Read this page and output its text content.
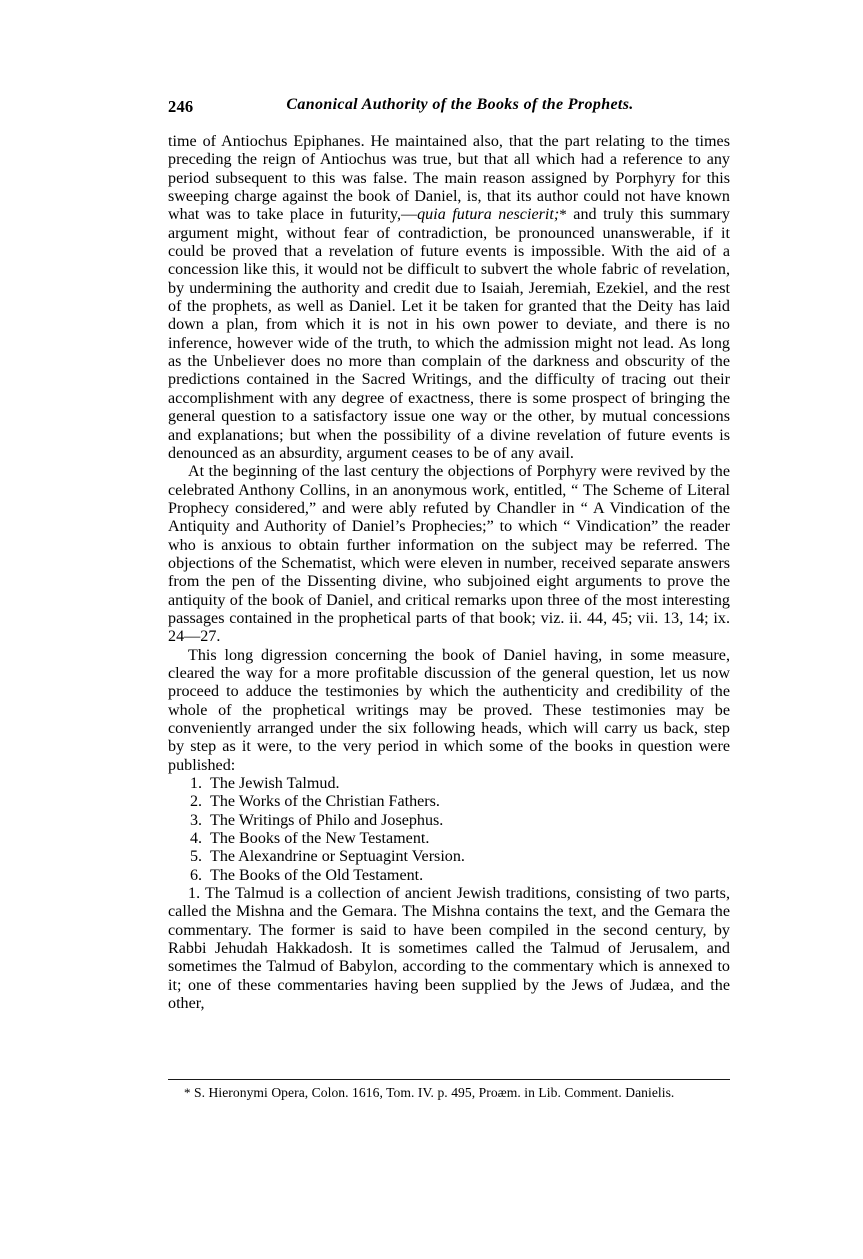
246	Canonical Authority of the Books of the Prophets.

time of Antiochus Epiphanes. He maintained also, that the part relating to the times preceding the reign of Antiochus was true, but that all which had a reference to any period subsequent to this was false. The main reason assigned by Porphyry for this sweeping charge against the book of Daniel, is, that its author could not have known what was to take place in futurity,—quia futura nescierit;* and truly this summary argument might, without fear of contradiction, be pronounced unanswerable, if it could be proved that a revelation of future events is impossible. With the aid of a concession like this, it would not be difficult to subvert the whole fabric of revelation, by undermining the authority and credit due to Isaiah, Jeremiah, Ezekiel, and the rest of the prophets, as well as Daniel. Let it be taken for granted that the Deity has laid down a plan, from which it is not in his own power to deviate, and there is no inference, however wide of the truth, to which the admission might not lead. As long as the Unbeliever does no more than complain of the darkness and obscurity of the predictions contained in the Sacred Writings, and the difficulty of tracing out their accomplishment with any degree of exactness, there is some prospect of bringing the general question to a satisfactory issue one way or the other, by mutual concessions and explanations; but when the possibility of a divine revelation of future events is denounced as an absurdity, argument ceases to be of any avail.

At the beginning of the last century the objections of Porphyry were revived by the celebrated Anthony Collins, in an anonymous work, entitled, “ The Scheme of Literal Prophecy considered,” and were ably refuted by Chandler in “ A Vindication of the Antiquity and Authority of Daniel’s Prophecies;” to which “ Vindication” the reader who is anxious to obtain further information on the subject may be referred. The objections of the Schematist, which were eleven in number, received separate answers from the pen of the Dissenting divine, who subjoined eight arguments to prove the antiquity of the book of Daniel, and critical remarks upon three of the most interesting passages contained in the prophetical parts of that book; viz. ii. 44, 45; vii. 13, 14; ix. 24—27.

This long digression concerning the book of Daniel having, in some measure, cleared the way for a more profitable discussion of the general question, let us now proceed to adduce the testimonies by which the authenticity and credibility of the whole of the prophetical writings may be proved. These testimonies may be conveniently arranged under the six following heads, which will carry us back, step by step as it were, to the very period in which some of the books in question were published:

1. The Jewish Talmud.
2. The Works of the Christian Fathers.
3. The Writings of Philo and Josephus.
4. The Books of the New Testament.
5. The Alexandrine or Septuagint Version.
6. The Books of the Old Testament.

1. The Talmud is a collection of ancient Jewish traditions, consisting of two parts, called the Mishna and the Gemara. The Mishna contains the text, and the Gemara the commentary. The former is said to have been compiled in the second century, by Rabbi Jehudah Hakkadosh. It is sometimes called the Talmud of Jerusalem, and sometimes the Talmud of Babylon, according to the commentary which is annexed to it; one of these commentaries having been supplied by the Jews of Judæa, and the other,

* S. Hieronymi Opera, Colon. 1616, Tom. IV. p. 495, Proæm. in Lib. Comment. Danielis.
